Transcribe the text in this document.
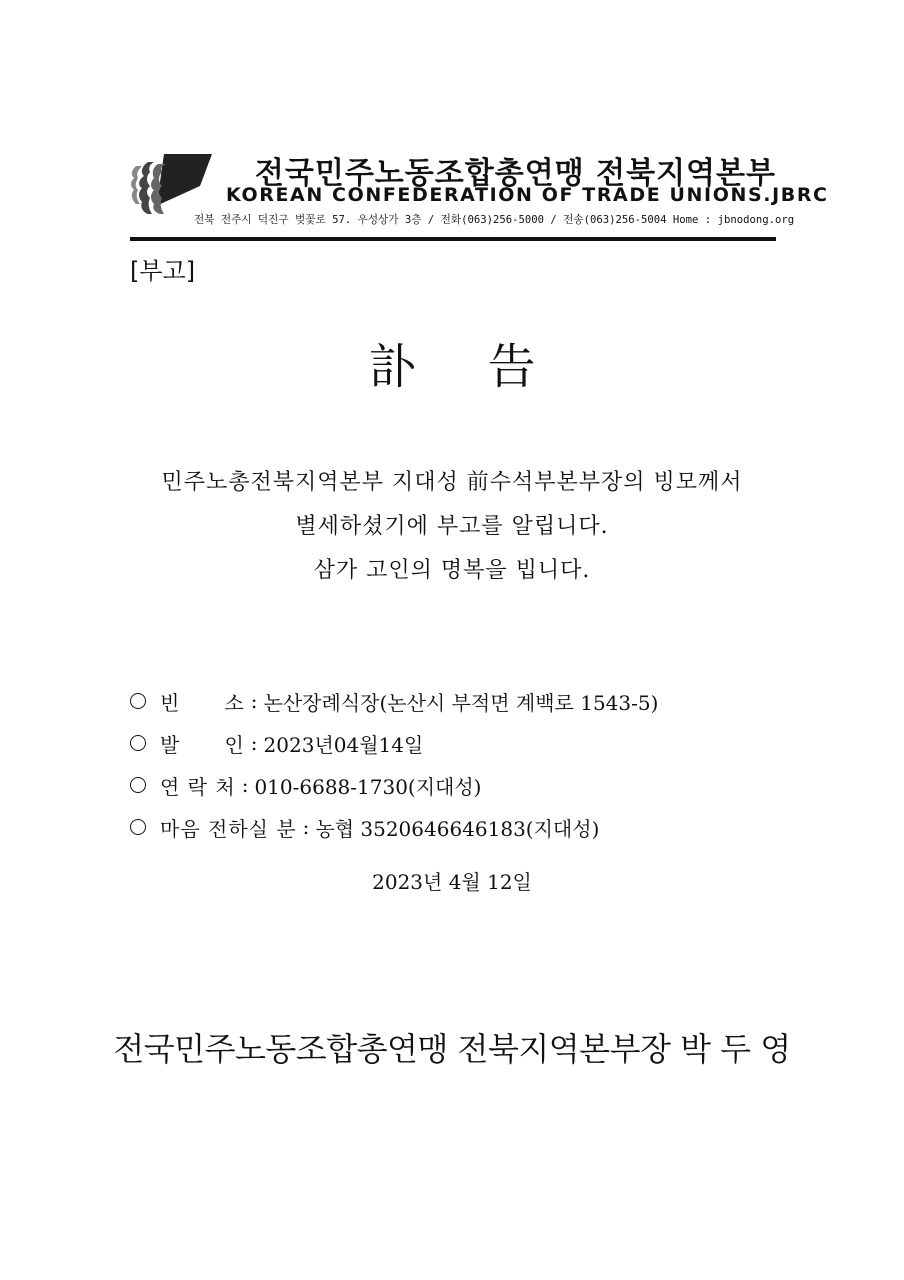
전국민주노동조합총연맹 전북지역본부
KOREAN CONFEDERATION OF TRADE UNIONS.JBRC
전북 전주시 덕진구 벚꽃로 57. 우성상가 3층 / 전화(063)256-5000 / 전송(063)256-5004 Home : jbnodong.org
[부고]
訃 告
민주노총전북지역본부 지대성 前수석부본부장의 빙모께서
별세하셨기에 부고를 알립니다.
삼가 고인의 명복을 빕니다.
빈      소 : 논산장례식장(논산시 부적면 계백로 1543-5)
발      인 : 2023년04월14일
연 락 처 : 010-6688-1730(지대성)
마음 전하실 분 : 농협 3520646646183(지대성)
2023년 4월 12일
전국민주노동조합총연맹 전북지역본부장 박 두 영
